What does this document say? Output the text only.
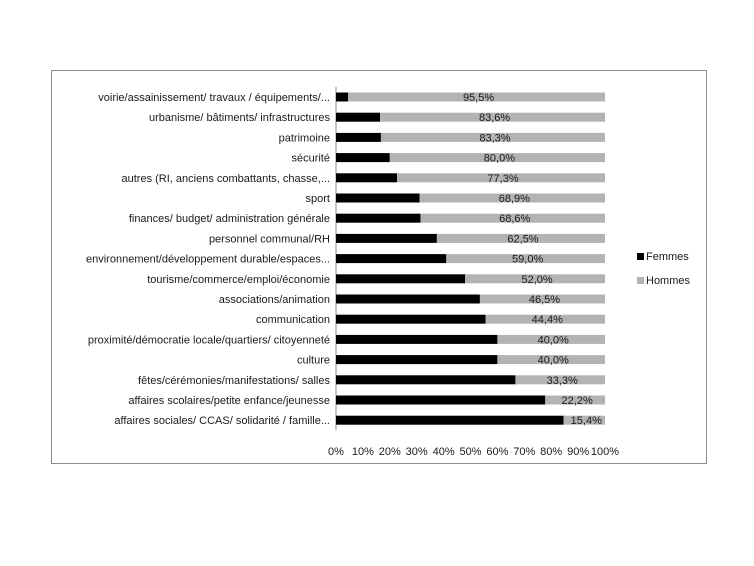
95,5%
83,6%
83,3%
80,0%
77,3%
68,9%
68,6%
62,5%
59,0%
52,0%
46,5%
44,4%
40,0%
40,0%
33,3%
22,2%
15,4%
voirie/assainissement/ travaux / équipements/...
urbanisme/ bâtiments/ infrastructures
patrimoine
sécurité
autres (RI, anciens combattants, chasse,...
sport
finances/ budget/ administration générale
personnel communal/RH
environnement/développement durable/espaces...
tourisme/commerce/emploi/économie
associations/animation
communication
proximité/démocratie locale/quartiers/ citoyenneté
culture
fêtes/cérémonies/manifestations/ salles
affaires scolaires/petite enfance/jeunesse
affaires sociales/ CCAS/ solidarité / famille...
0% 10% 20% 30% 40% 50% 60% 70% 80% 90% 100%
Femmes
Hommes
